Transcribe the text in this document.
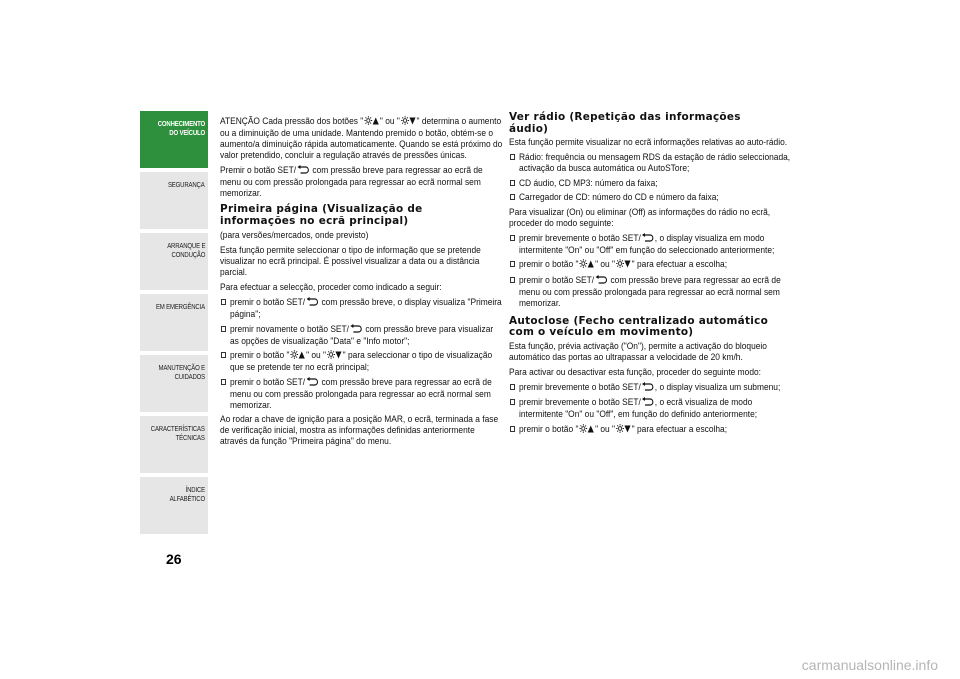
CONHECIMENTO
DO VEÍCULO
SEGURANÇA
ARRANQUE E
CONDUÇÃO
EM EMERGÊNCIA
MANUTENÇÃO E
CUIDADOS
CARACTERÍSTICAS
TÉCNICAS
ÍNDICE ALFABÉTICO
26

ATENÇÃO Cada pressão dos botões " " ou " " determina o aumento ou a diminuição de uma unidade. Mantendo premido o botão, obtém-se o aumento/a diminuição rápida automaticamente. Quando se está próximo do valor pretendido, concluir a regulação através de pressões únicas.

Premir o botão SET/ com pressão breve para regressar ao ecrã de menu ou com pressão prolongada para regressar ao ecrã normal sem memorizar.

Primeira página (Visualização de informações no ecrã principal)

(para versões/mercados, onde previsto)

Esta função permite seleccionar o tipo de informação que se pretende visualizar no ecrã principal. É possível visualizar a data ou a distância parcial.

Para efectuar a selecção, proceder como indicado a seguir:

premir o botão SET/ com pressão breve, o display visualiza "Primeira página";
premir novamente o botão SET/ com pressão breve para visualizar as opções de visualização "Data" e "Info motor";
premir o botão " " ou " " para seleccionar o tipo de visualização que se pretende ter no ecrã principal;
premir o botão SET/ com pressão breve para regressar ao ecrã de menu ou com pressão prolongada para regressar ao ecrã normal sem memorizar.

Ao rodar a chave de ignição para a posição MAR, o ecrã, terminada a fase de verificação inicial, mostra as informações definidas anteriormente através da função "Primeira página" do menu.

Ver rádio (Repetição das informações áudio)

Esta função permite visualizar no ecrã informações relativas ao auto-rádio.

Rádio: frequência ou mensagem RDS da estação de rádio seleccionada, activação da busca automática ou AutoSTore;
CD áudio, CD MP3: número da faixa;
Carregador de CD: número do CD e número da faixa;

Para visualizar (On) ou eliminar (Off) as informações do rádio no ecrã, proceder do modo seguinte:

premir brevemente o botão SET/ , o display visualiza em modo intermitente "On" ou "Off" em função do seleccionado anteriormente;
premir o botão " " ou " " para efectuar a escolha;
premir o botão SET/ com pressão breve para regressar ao ecrã de menu ou com pressão prolongada para regressar ao ecrã normal sem memorizar.

Autoclose (Fecho centralizado automático com o veículo em movimento)

Esta função, prévia activação ("On"), permite a activação do bloqueio automático das portas ao ultrapassar a velocidade de 20 km/h.

Para activar ou desactivar esta função, proceder do seguinte modo:

premir brevemente o botão SET/ , o display visualiza um submenu;
premir brevemente o botão SET/ , o ecrã visualiza de modo intermitente "On" ou "Off", em função do definido anteriormente;
premir o botão " " ou " " para efectuar a escolha;
carmanualsonline.info
